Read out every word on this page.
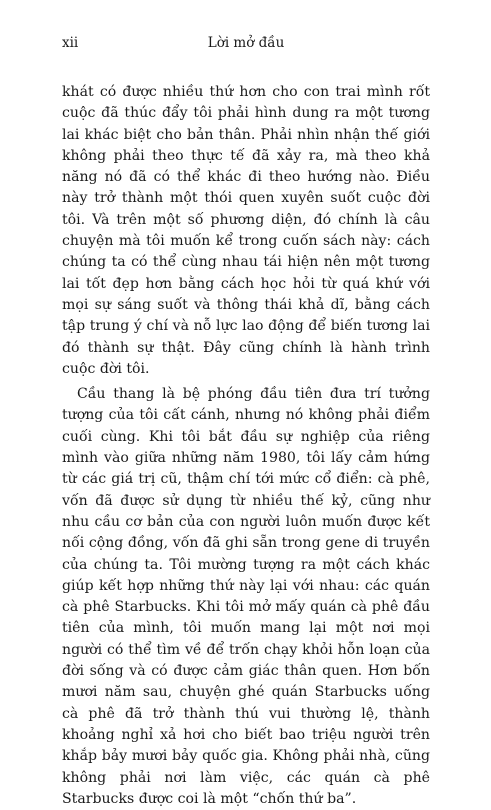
xii	Lời mở đầu

khát có được nhiều thứ hơn cho con trai mình rốt cuộc đã thúc đẩy tôi phải hình dung ra một tương lai khác biệt cho bản thân. Phải nhìn nhận thế giới không phải theo thực tế đã xảy ra, mà theo khả năng nó đã có thể khác đi theo hướng nào. Điều này trở thành một thói quen xuyên suốt cuộc đời tôi. Và trên một số phương diện, đó chính là câu chuyện mà tôi muốn kể trong cuốn sách này: cách chúng ta có thể cùng nhau tái hiện nên một tương lai tốt đẹp hơn bằng cách học hỏi từ quá khứ với mọi sự sáng suốt và thông thái khả dĩ, bằng cách tập trung ý chí và nỗ lực lao động để biến tương lai đó thành sự thật. Đây cũng chính là hành trình cuộc đời tôi.

Cầu thang là bệ phóng đầu tiên đưa trí tưởng tượng của tôi cất cánh, nhưng nó không phải điểm cuối cùng. Khi tôi bắt đầu sự nghiệp của riêng mình vào giữa những năm 1980, tôi lấy cảm hứng từ các giá trị cũ, thậm chí tới mức cổ điển: cà phê, vốn đã được sử dụng từ nhiều thế kỷ, cũng như nhu cầu cơ bản của con người luôn muốn được kết nối cộng đồng, vốn đã ghi sẵn trong gene di truyền của chúng ta. Tôi mường tượng ra một cách khác giúp kết hợp những thứ này lại với nhau: các quán cà phê Starbucks. Khi tôi mở mấy quán cà phê đầu tiên của mình, tôi muốn mang lại một nơi mọi người có thể tìm về để trốn chạy khỏi hỗn loạn của đời sống và có được cảm giác thân quen. Hơn bốn mươi năm sau, chuyện ghé quán Starbucks uống cà phê đã trở thành thú vui thường lệ, thành khoảng nghỉ xả hơi cho biết bao triệu người trên khắp bảy mươi bảy quốc gia. Không phải nhà, cũng không phải nơi làm việc, các quán cà phê Starbucks được coi là một “chốn thứ ba”.
